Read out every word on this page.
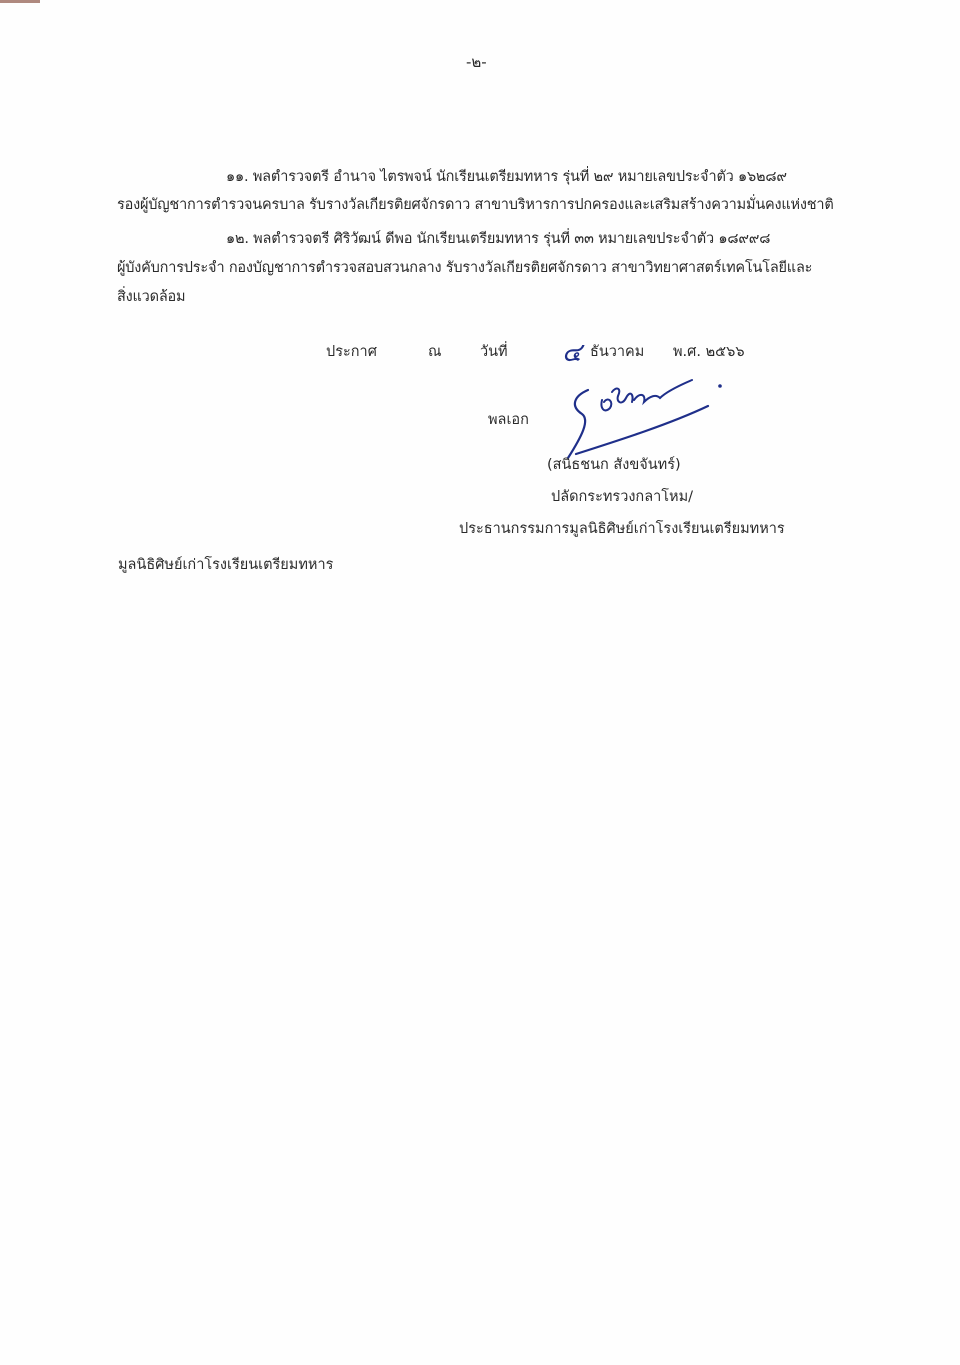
-๒-
๑๑. พลตำรวจตรี อำนาจ ไตรพจน์ นักเรียนเตรียมทหาร รุ่นที่ ๒๙ หมายเลขประจำตัว ๑๖๒๘๙
รองผู้บัญชาการตำรวจนครบาล รับรางวัลเกียรติยศจักรดาว สาขาบริหารการปกครองและเสริมสร้างความมั่นคงแห่งชาติ
๑๒. พลตำรวจตรี ศิริวัฒน์ ดีพอ นักเรียนเตรียมทหาร รุ่นที่ ๓๓ หมายเลขประจำตัว ๑๘๙๙๘
ผู้บังคับการประจำ กองบัญชาการตำรวจสอบสวนกลาง รับรางวัลเกียรติยศจักรดาว สาขาวิทยาศาสตร์เทคโนโลยีและ
สิ่งแวดล้อม
ประกาศ	ณ	วันที่ ๔ ธันวาคม พ.ศ. ๒๕๖๖
พลเอก
(สนิธชนก สังขจันทร์)
ปลัดกระทรวงกลาโหม/
ประธานกรรมการมูลนิธิศิษย์เก่าโรงเรียนเตรียมทหาร
มูลนิธิศิษย์เก่าโรงเรียนเตรียมทหาร
